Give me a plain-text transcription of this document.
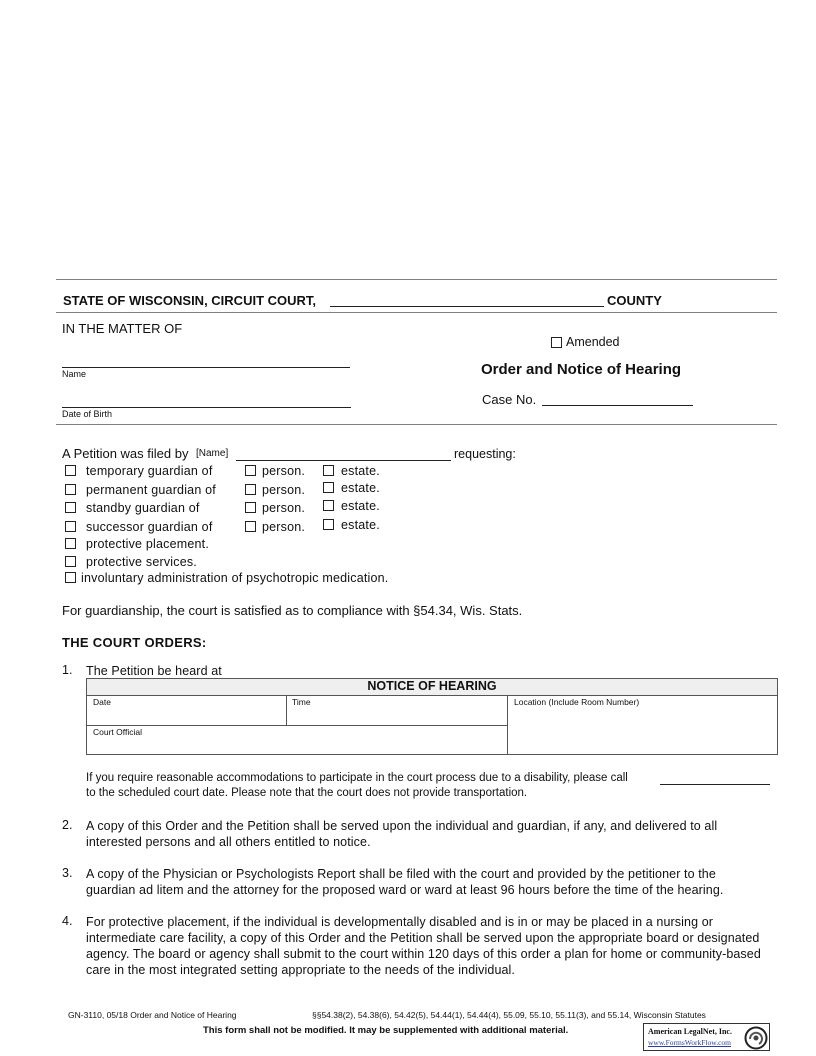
STATE OF WISCONSIN, CIRCUIT COURT,	COUNTY
IN THE MATTER OF
Name
Date of Birth
Amended
Order and Notice of Hearing
Case No.
A Petition was filed by [Name]	requesting:
temporary guardian of	person.	estate.
permanent guardian of	person.	estate.
standby guardian of	person.	estate.
successor guardian of	person.	estate.
protective placement.
protective services.
involuntary administration of psychotropic medication.
For guardianship, the court is satisfied as to compliance with §54.34, Wis. Stats.
THE COURT ORDERS:
1. The Petition be heard at
NOTICE OF HEARING
Date	Time	Location (Include Room Number)
Court Official
If you require reasonable accommodations to participate in the court process due to a disability, please call
to the scheduled court date. Please note that the court does not provide transportation.
2. A copy of this Order and the Petition shall be served upon the individual and guardian, if any, and delivered to all interested persons and all others entitled to notice.
3. A copy of the Physician or Psychologists Report shall be filed with the court and provided by the petitioner to the guardian ad litem and the attorney for the proposed ward or ward at least 96 hours before the time of the hearing.
4. For protective placement, if the individual is developmentally disabled and is in or may be placed in a nursing or intermediate care facility, a copy of this Order and the Petition shall be served upon the appropriate board or designated agency. The board or agency shall submit to the court within 120 days of this order a plan for home or community-based care in the most integrated setting appropriate to the needs of the individual.
GN-3110, 05/18 Order and Notice of Hearing	§§54.38(2), 54.38(6), 54.42(5), 54.44(1), 54.44(4), 55.09, 55.10, 55.11(3), and 55.14, Wisconsin Statutes
This form shall not be modified. It may be supplemented with additional material.	American LegalNet, Inc.
www.FormsWorkFlow.com
